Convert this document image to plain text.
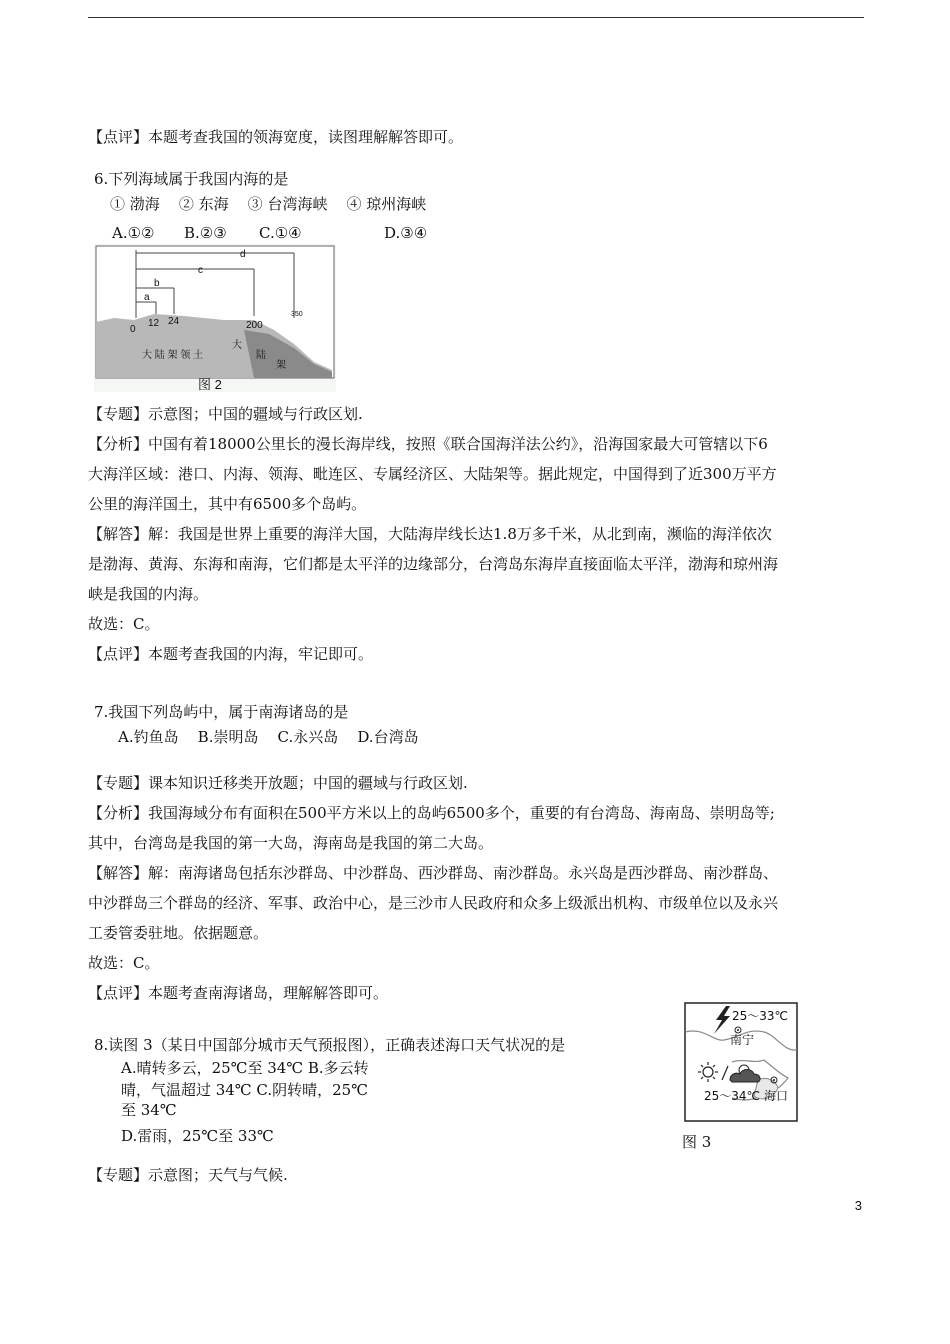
【点评】本题考查我国的领海宽度，读图理解解答即可。
6.下列海域属于我国内海的是
① 渤海    ② 东海    ③ 台湾海峡    ④ 琼州海峡
A.①② B.②③ C.①④	D.③④
d
c
b
a
0
12 24	200
350
大 陆 架 领 土
大
陆
架
图 2
【专题】示意图；中国的疆域与行政区划.
【分析】中国有着18000公里长的漫长海岸线，按照《联合国海洋法公约》，沿海国家最大可管辖以下6
大海洋区域：港口、内海、领海、毗连区、专属经济区、大陆架等。据此规定，中国得到了近300万平方
公里的海洋国土，其中有6500多个岛屿。
【解答】解：我国是世界上重要的海洋大国，大陆海岸线长达1.8万多千米，从北到南，濒临的海洋依次
是渤海、黄海、东海和南海，它们都是太平洋的边缘部分，台湾岛东海岸直接面临太平洋，渤海和琼州海
峡是我国的内海。
故选：C。
【点评】本题考查我国的内海，牢记即可。
7.我国下列岛屿中，属于南海诸岛的是
A.钓鱼岛    B.崇明岛    C.永兴岛    D.台湾岛
【专题】课本知识迁移类开放题；中国的疆域与行政区划.
【分析】我国海域分布有面积在500平方米以上的岛屿6500多个，重要的有台湾岛、海南岛、崇明岛等;
其中，台湾岛是我国的第一大岛，海南岛是我国的第二大岛。
【解答】解：南海诸岛包括东沙群岛、中沙群岛、西沙群岛、南沙群岛。永兴岛是西沙群岛、南沙群岛、
中沙群岛三个群岛的经济、军事、政治中心，是三沙市人民政府和众多上级派出机构、市级单位以及永兴
工委管委驻地。依据题意。
故选：C。
【点评】本题考查南海诸岛，理解解答即可。
8.读图 3（某日中国部分城市天气预报图），正确表述海口天气状况的是
A.晴转多云，25℃至 34℃ B.多云转
晴，气温超过 34℃ C.阴转晴，25℃
至 34℃
D.雷雨，25℃至 33℃
25～33℃
南宁
25～34℃ 海口
图 3
【专题】示意图；天气与气候.
3
